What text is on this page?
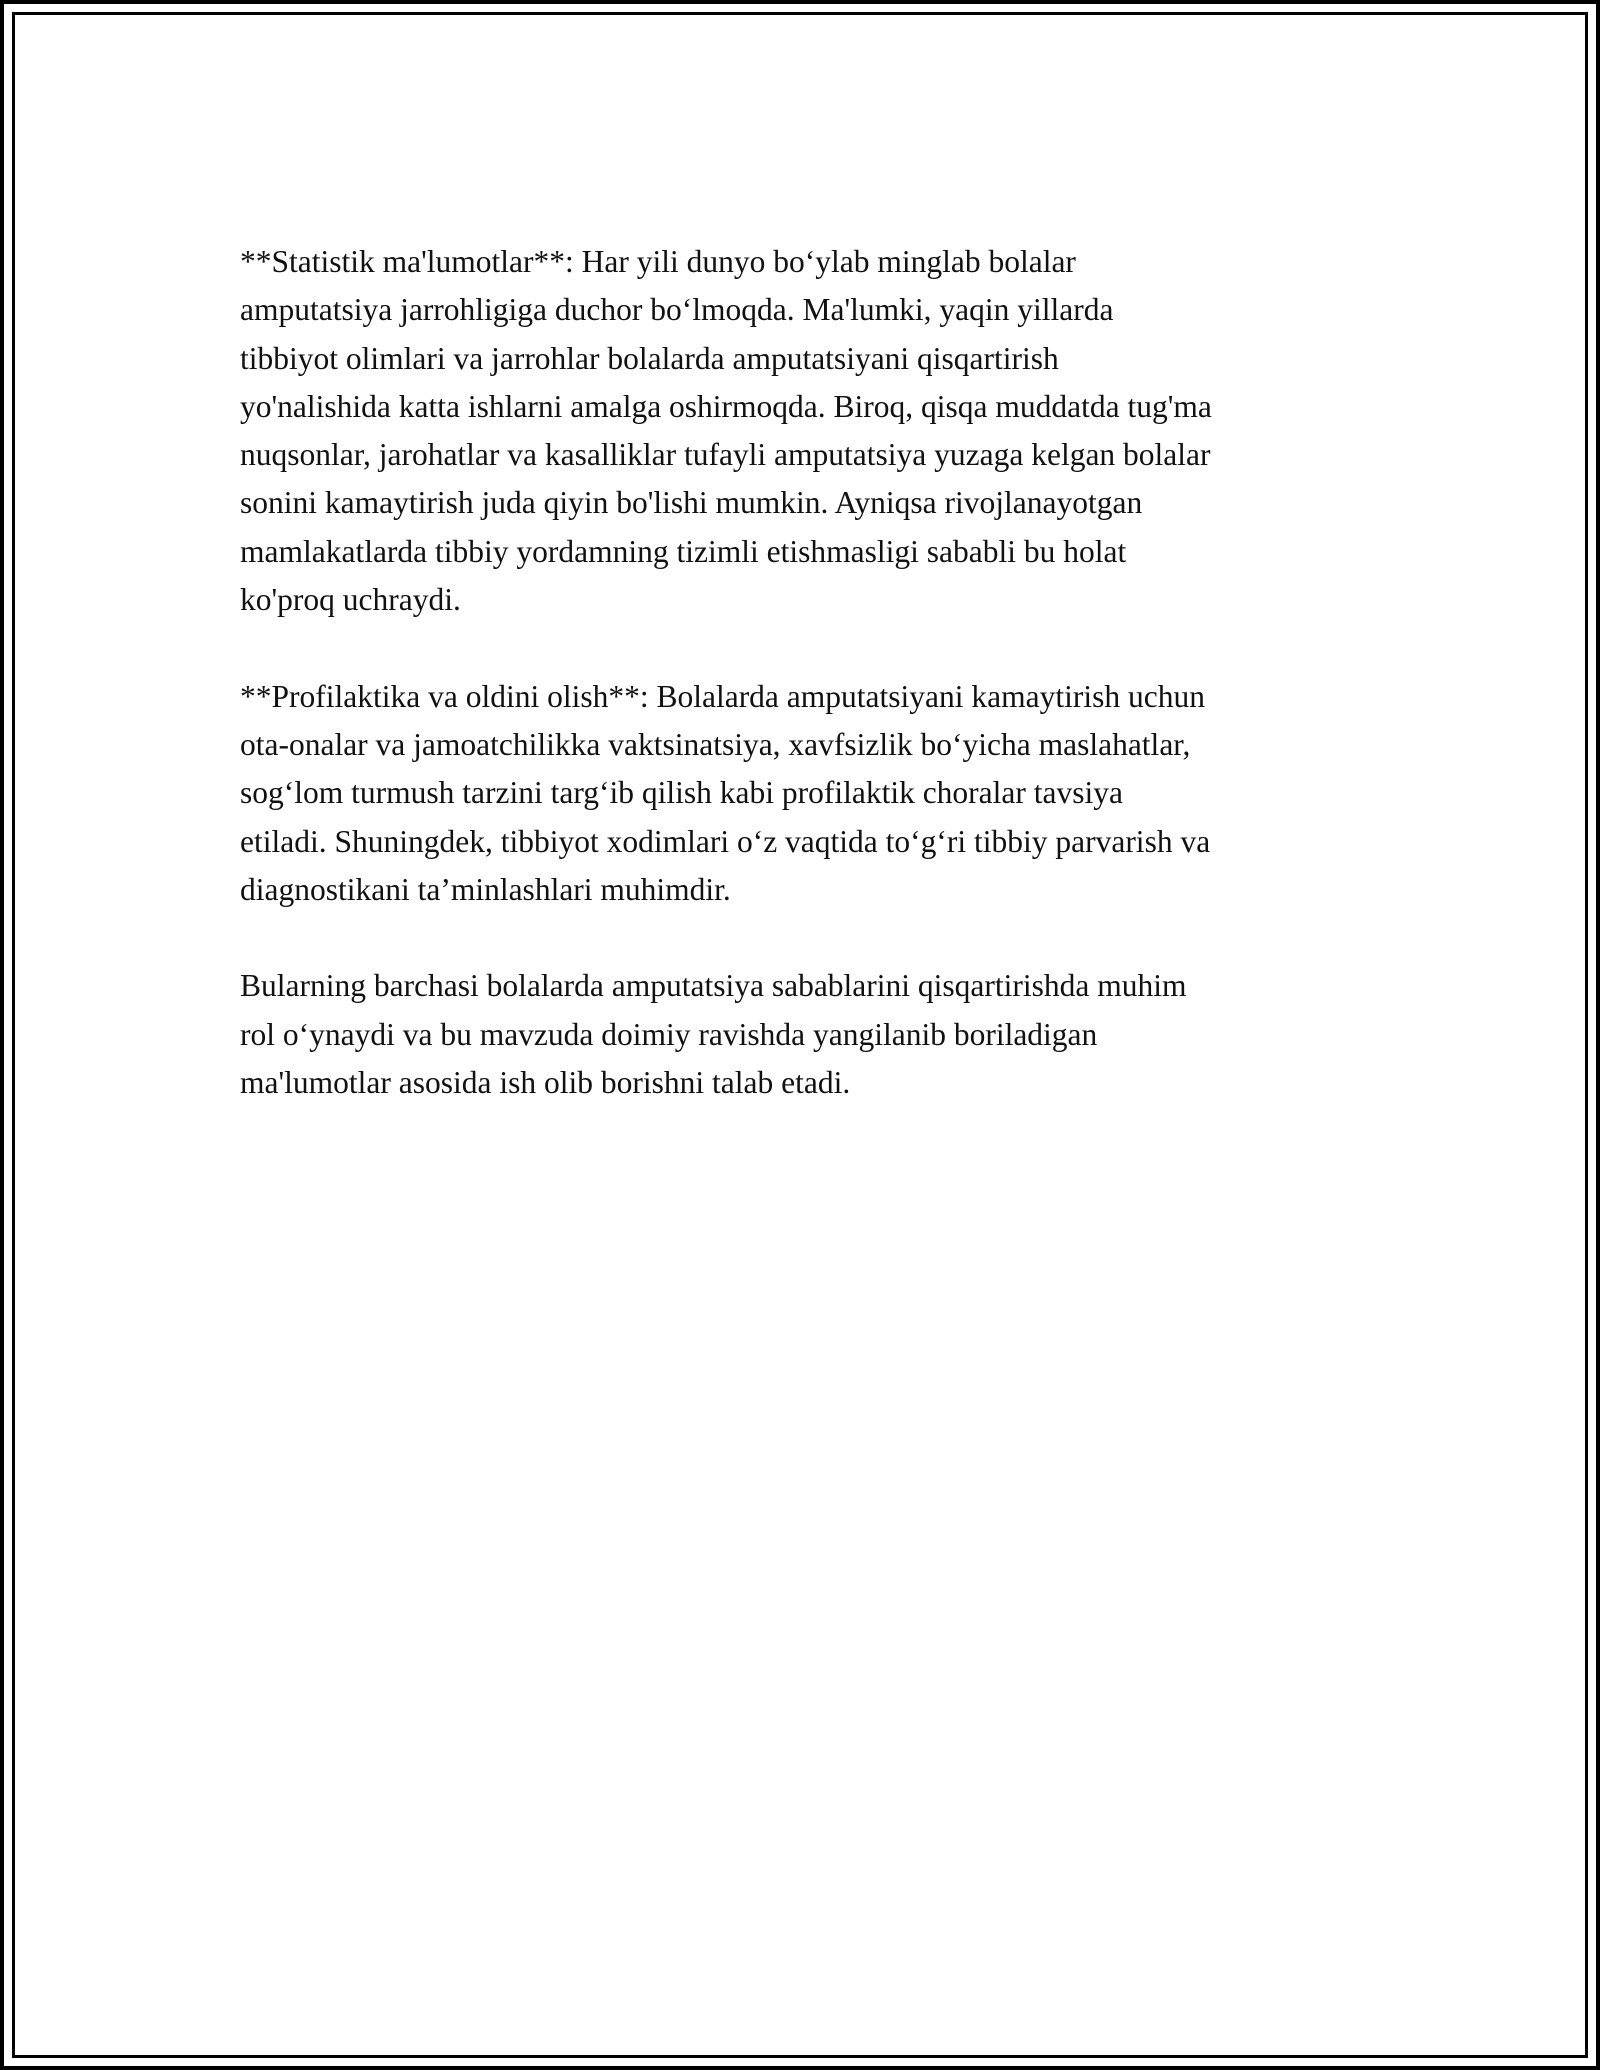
**Statistik ma'lumotlar**: Har yili dunyo bo‘ylab minglab bolalar
amputatsiya jarrohligiga duchor bo‘lmoqda. Ma'lumki, yaqin yillarda
tibbiyot olimlari va jarrohlar bolalarda amputatsiyani qisqartirish
yo'nalishida katta ishlarni amalga oshirmoqda. Biroq, qisqa muddatda tug'ma
nuqsonlar, jarohatlar va kasalliklar tufayli amputatsiya yuzaga kelgan bolalar
sonini kamaytirish juda qiyin bo'lishi mumkin. Ayniqsa rivojlanayotgan
mamlakatlarda tibbiy yordamning tizimli etishmasligi sababli bu holat
ko'proq uchraydi.

**Profilaktika va oldini olish**: Bolalarda amputatsiyani kamaytirish uchun
ota-onalar va jamoatchilikka vaktsinatsiya, xavfsizlik bo‘yicha maslahatlar,
sog‘lom turmush tarzini targ‘ib qilish kabi profilaktik choralar tavsiya
etiladi. Shuningdek, tibbiyot xodimlari o‘z vaqtida to‘g‘ri tibbiy parvarish va
diagnostikani ta’minlashlari muhimdir.

Bularning barchasi bolalarda amputatsiya sabablarini qisqartirishda muhim
rol o‘ynaydi va bu mavzuda doimiy ravishda yangilanib boriladigan
ma'lumotlar asosida ish olib borishni talab etadi.
